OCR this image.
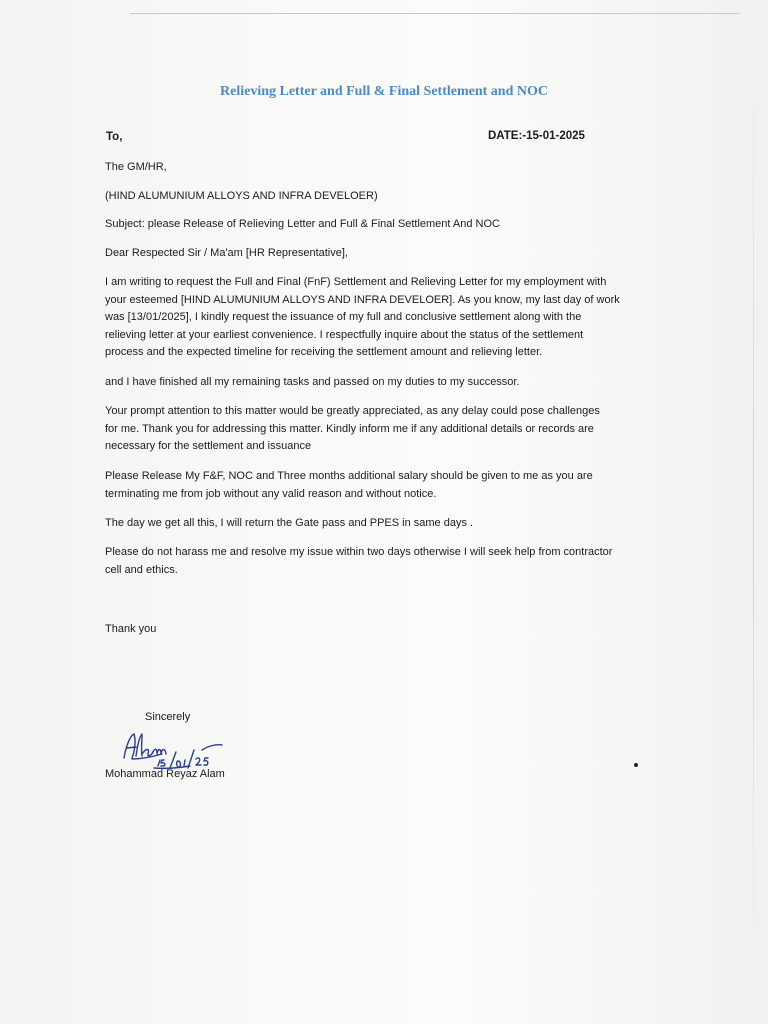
Relieving Letter and Full & Final Settlement and NOC
To,	DATE:-15-01-2025
The GM/HR,
(HIND ALUMUNIUM ALLOYS AND INFRA DEVELOER)
Subject: please Release of Relieving Letter and Full & Final Settlement And NOC
Dear Respected Sir / Ma'am [HR Representative],
I am writing to request the Full and Final (FnF) Settlement and Relieving Letter for my employment with
your esteemed [HIND ALUMUNIUM ALLOYS AND INFRA DEVELOER]. As you know, my last day of work
was [13/01/2025], I kindly request the issuance of my full and conclusive settlement along with the
relieving letter at your earliest convenience. I respectfully inquire about the status of the settlement
process and the expected timeline for receiving the settlement amount and relieving letter.
and I have finished all my remaining tasks and passed on my duties to my successor.
Your prompt attention to this matter would be greatly appreciated, as any delay could pose challenges
for me. Thank you for addressing this matter. Kindly inform me if any additional details or records are
necessary for the settlement and issuance
Please Release My F&F, NOC and Three months additional salary should be given to me as you are
terminating me from job without any valid reason and without notice.
The day we get all this, I will return the Gate pass and PPES in same days .
Please do not harass me and resolve my issue within two days otherwise I will seek help from contractor
cell and ethics.
Thank you
Sincerely
Mohammad Reyaz Alam
